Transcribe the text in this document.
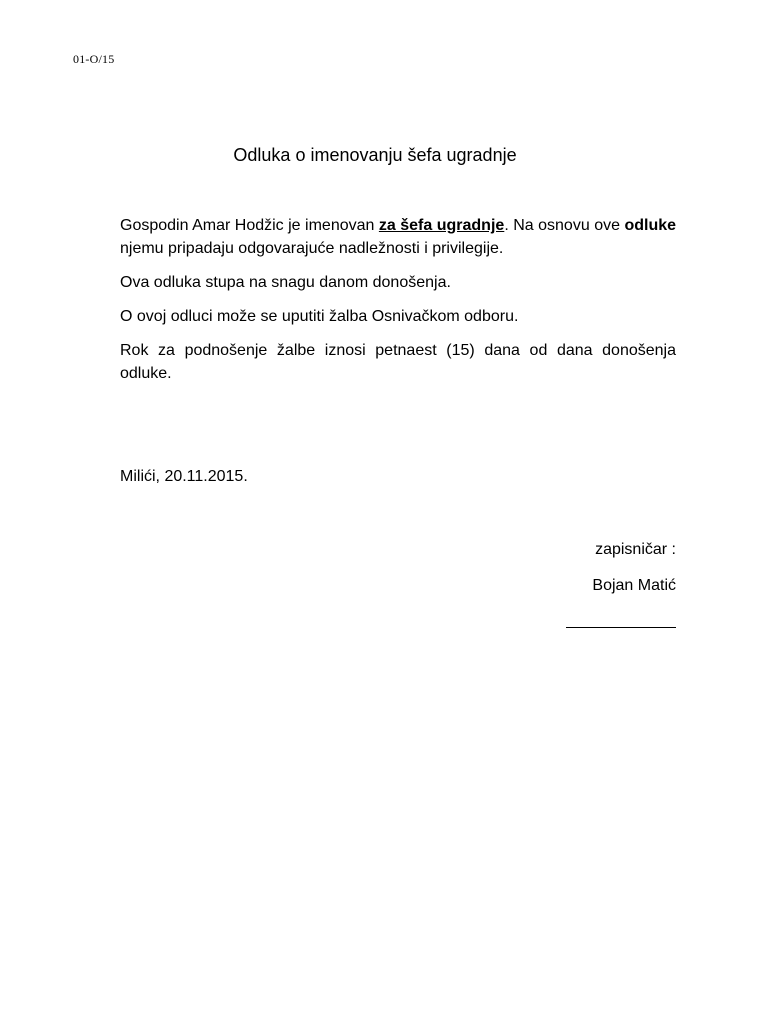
01-O/15
Odluka o imenovanju šefa ugradnje

Gospodin Amar Hodžic je imenovan za šefa ugradnje. Na osnovu ove odluke njemu pripadaju odgovarajuće nadležnosti i privilegije.

Ova odluka stupa na snagu danom donošenja.

O ovoj odluci može se uputiti žalba Osnivačkom odboru.

Rok za podnošenje žalbe iznosi petnaest (15) dana od dana donošenja odluke.

Milići, 20.11.2015.
zapisničar :
Bojan Matić
